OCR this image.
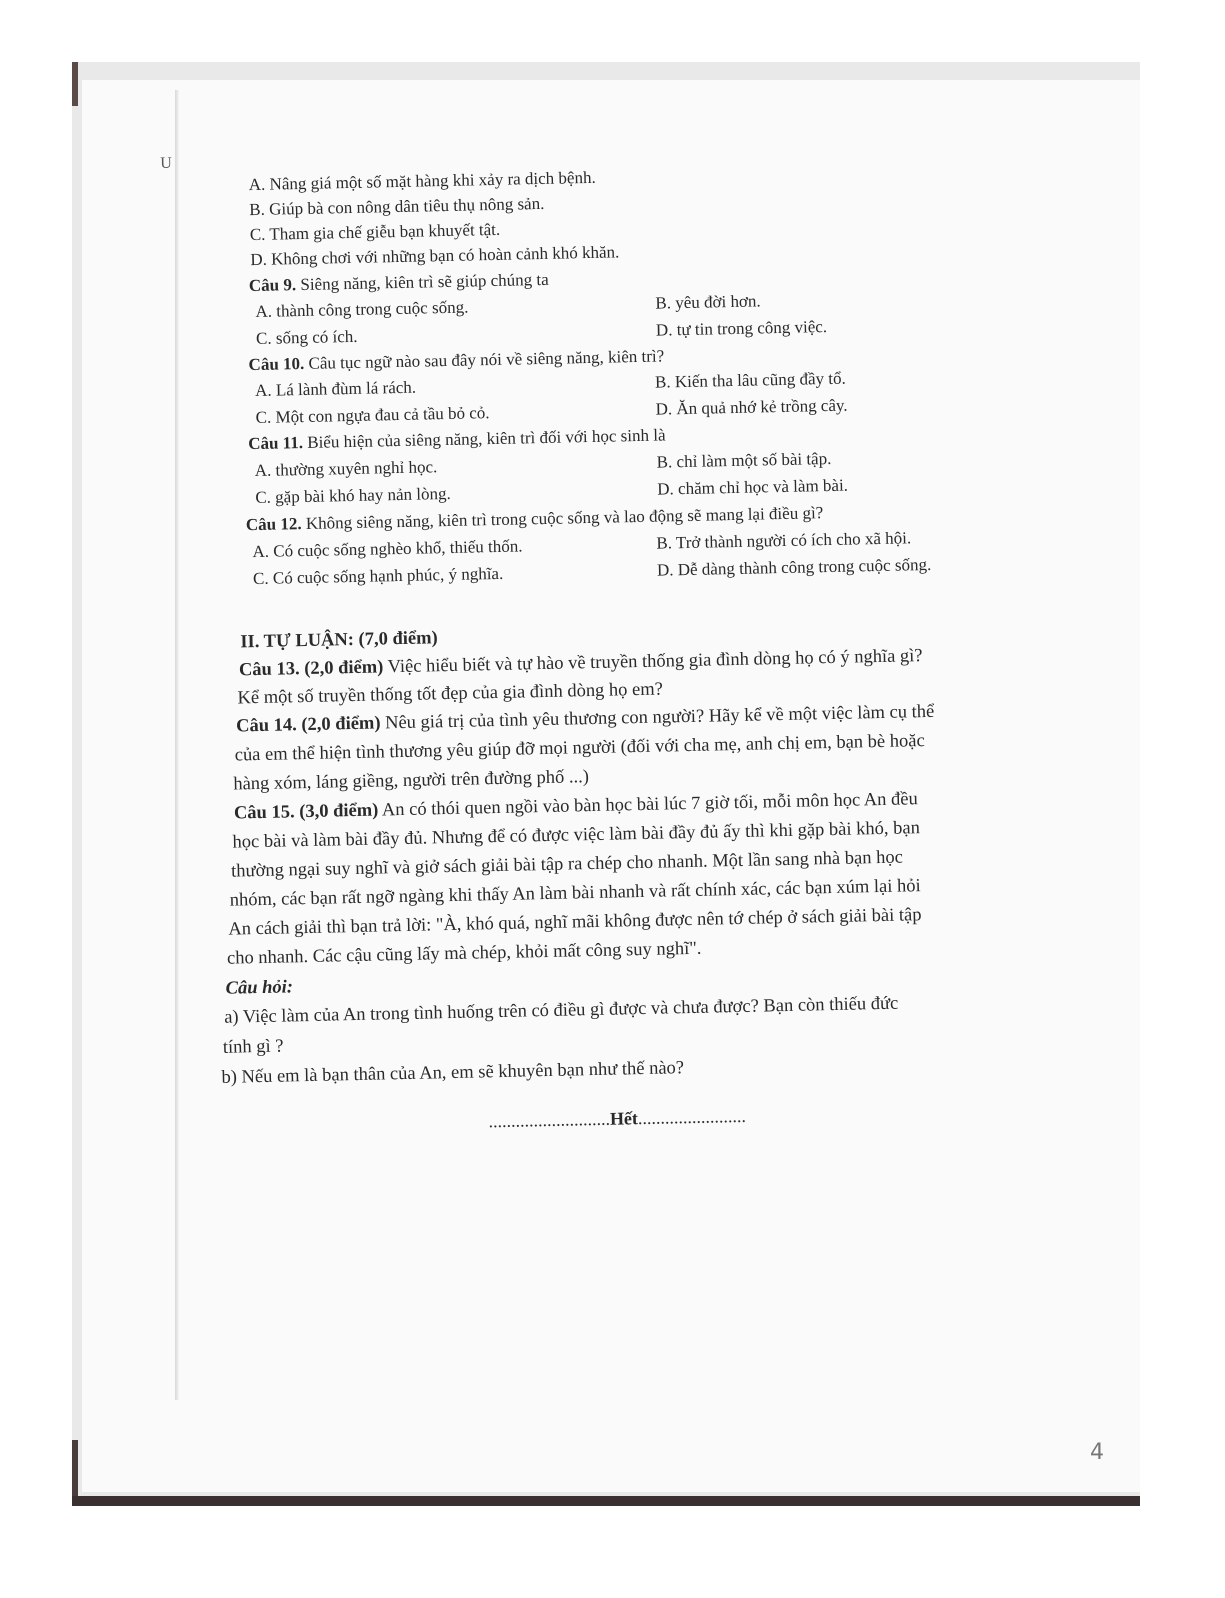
U
A. Nâng giá một số mặt hàng khi xảy ra dịch bệnh.
B. Giúp bà con nông dân tiêu thụ nông sản.
C. Tham gia chế giễu bạn khuyết tật.
D. Không chơi với những bạn có hoàn cảnh khó khăn.
Câu 9. Siêng năng, kiên trì sẽ giúp chúng ta
A. thành công trong cuộc sống.	B. yêu đời hơn.
C. sống có ích.	D. tự tin trong công việc.
Câu 10. Câu tục ngữ nào sau đây nói về siêng năng, kiên trì?
A. Lá lành đùm lá rách.	B. Kiến tha lâu cũng đầy tổ.
C. Một con ngựa đau cả tầu bỏ cỏ.	D. Ăn quả nhớ kẻ trồng cây.
Câu 11. Biểu hiện của siêng năng, kiên trì đối với học sinh là
A. thường xuyên nghỉ học.	B. chỉ làm một số bài tập.
C. gặp bài khó hay nản lòng.	D. chăm chỉ học và làm bài.
Câu 12. Không siêng năng, kiên trì trong cuộc sống và lao động sẽ mang lại điều gì?
A. Có cuộc sống nghèo khổ, thiếu thốn.	B. Trở thành người có ích cho xã hội.
C. Có cuộc sống hạnh phúc, ý nghĩa.	D. Dễ dàng thành công trong cuộc sống.
II. TỰ LUẬN: (7,0 điểm)
Câu 13. (2,0 điểm) Việc hiểu biết và tự hào về truyền thống gia đình dòng họ có ý nghĩa gì?
Kể một số truyền thống tốt đẹp của gia đình dòng họ em?
Câu 14. (2,0 điểm) Nêu giá trị của tình yêu thương con người? Hãy kể về một việc làm cụ thể
của em thể hiện tình thương yêu giúp đỡ mọi người (đối với cha mẹ, anh chị em, bạn bè hoặc
hàng xóm, láng giềng, người trên đường phố ...)
Câu 15. (3,0 điểm) An có thói quen ngồi vào bàn học bài lúc 7 giờ tối, mỗi môn học An đều
học bài và làm bài đầy đủ. Nhưng để có được việc làm bài đầy đủ ấy thì khi gặp bài khó, bạn
thường ngại suy nghĩ và giở sách giải bài tập ra chép cho nhanh. Một lần sang nhà bạn học
nhóm, các bạn rất ngỡ ngàng khi thấy An làm bài nhanh và rất chính xác, các bạn xúm lại hỏi
An cách giải thì bạn trả lời: "À, khó quá, nghĩ mãi không được nên tớ chép ở sách giải bài tập
cho nhanh. Các cậu cũng lấy mà chép, khỏi mất công suy nghĩ".
Câu hỏi:
a) Việc làm của An trong tình huống trên có điều gì được và chưa được? Bạn còn thiếu đức
tính gì ?
b) Nếu em là bạn thân của An, em sẽ khuyên bạn như thế nào?
...........................Hết........................
4
